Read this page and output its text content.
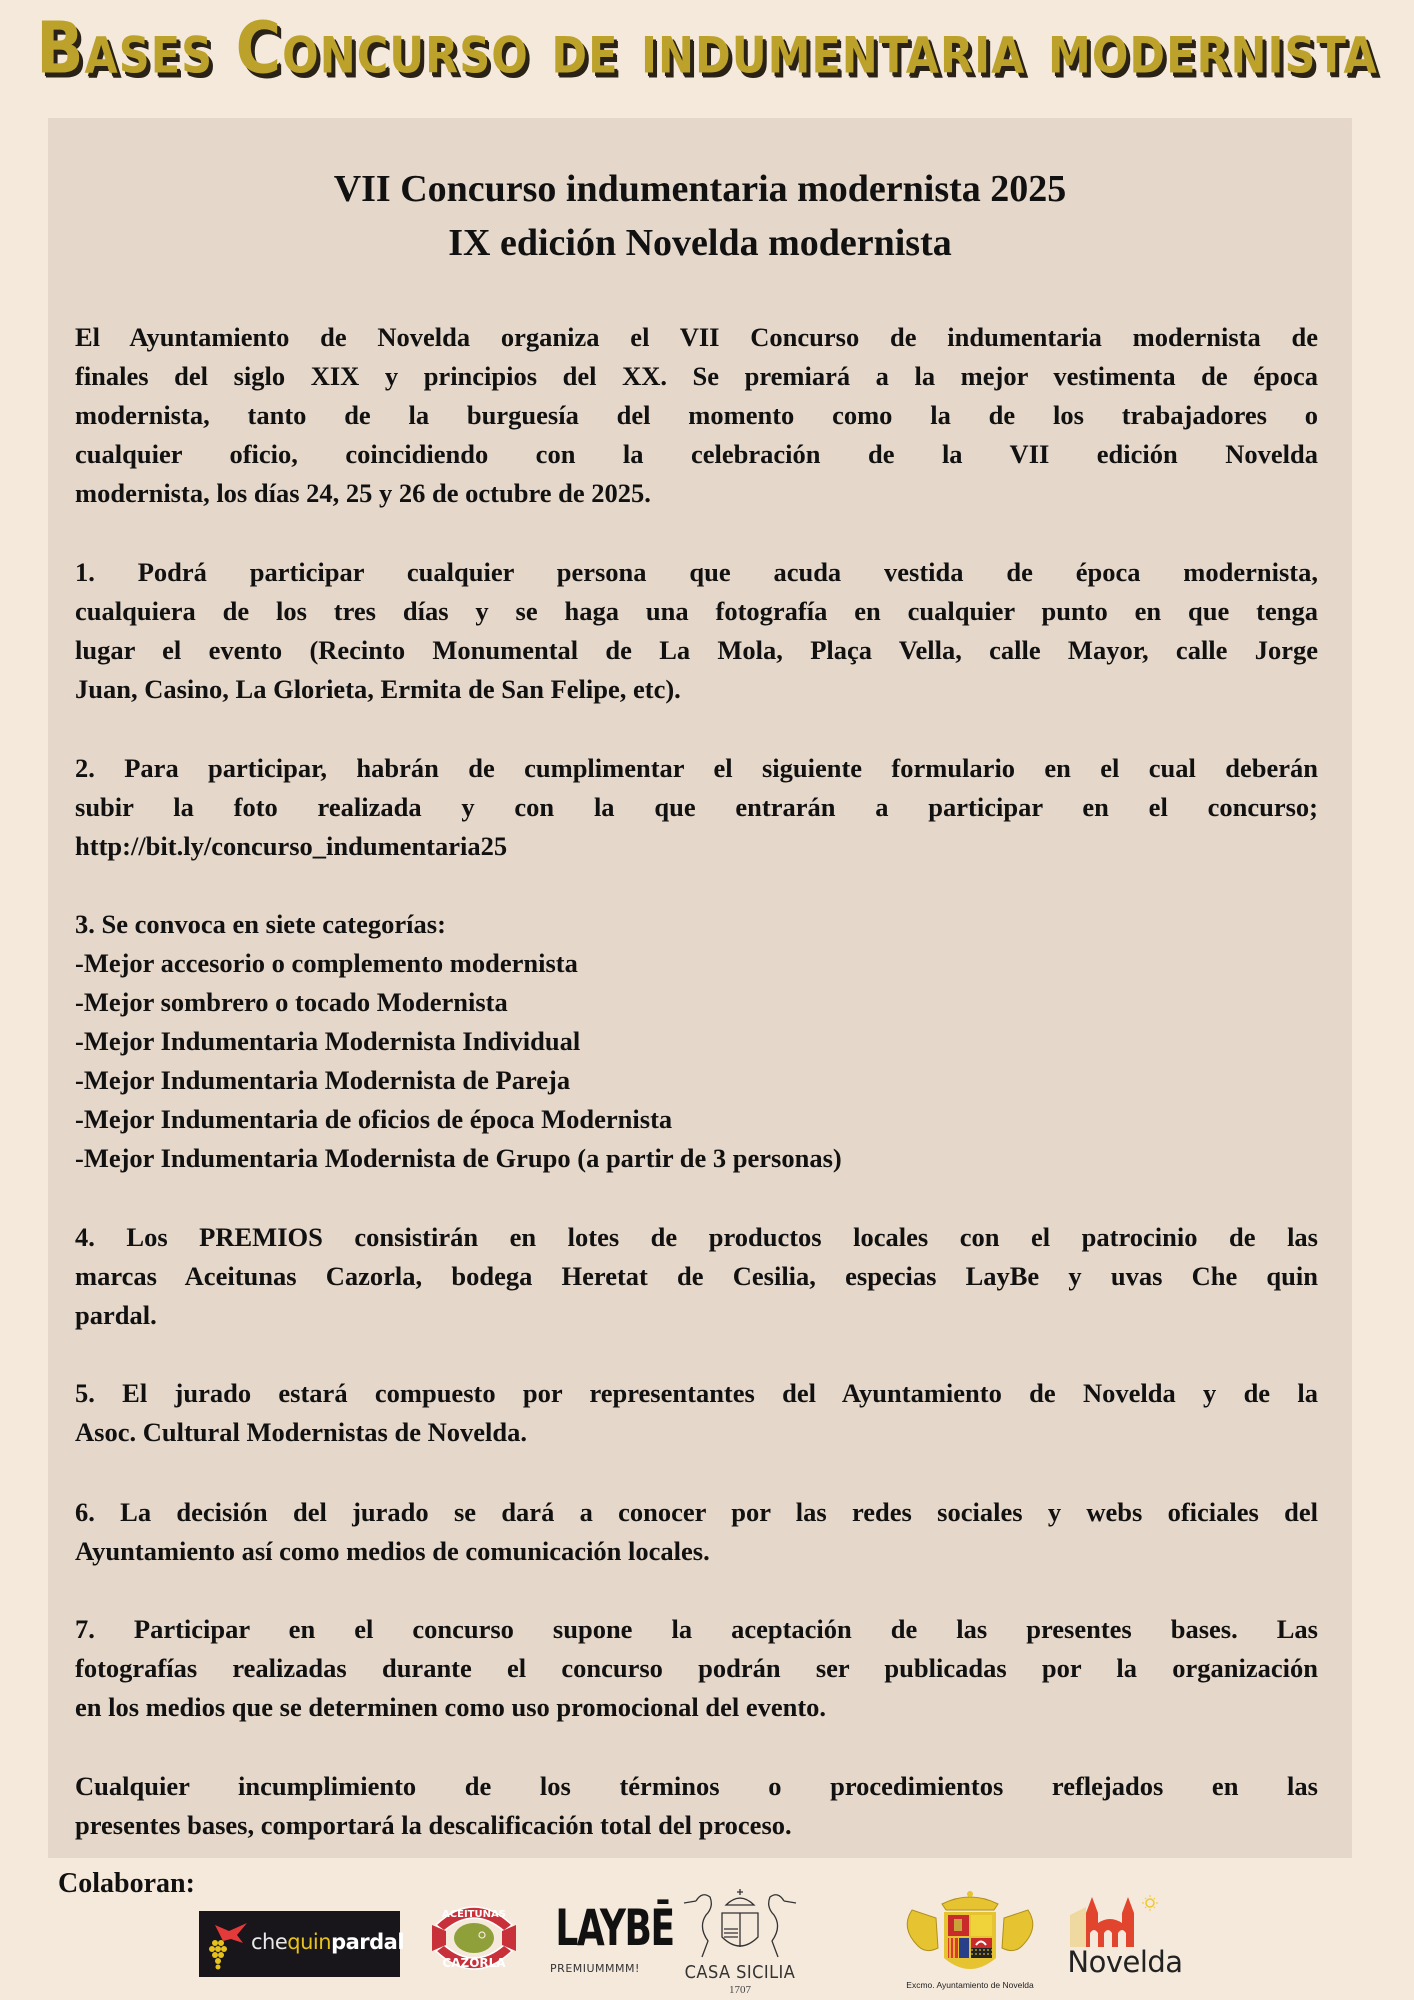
Bases Concurso de indumentaria modernista
VII Concurso indumentaria modernista 2025
IX edición Novelda modernista
El Ayuntamiento de Novelda organiza el VII Concurso de indumentaria modernista de
finales del siglo XIX y principios del XX. Se premiará a la mejor vestimenta de época
modernista, tanto de la burguesía del momento como la de los trabajadores o
cualquier oficio, coincidiendo con la celebración de la VII edición Novelda
modernista, los días 24, 25 y 26 de octubre de 2025.
1. Podrá participar cualquier persona que acuda vestida de época modernista,
cualquiera de los tres días y se haga una fotografía en cualquier punto en que tenga
lugar el evento (Recinto Monumental de La Mola, Plaça Vella, calle Mayor, calle Jorge
Juan, Casino, La Glorieta, Ermita de San Felipe, etc).
2. Para participar, habrán de cumplimentar el siguiente formulario en el cual deberán
subir la foto realizada y con la que entrarán a participar en el concurso;
http://bit.ly/concurso_indumentaria25
3. Se convoca en siete categorías:
-Mejor accesorio o complemento modernista
-Mejor sombrero o tocado Modernista
-Mejor Indumentaria Modernista Individual
-Mejor Indumentaria Modernista de Pareja
-Mejor Indumentaria de oficios de época Modernista
-Mejor Indumentaria Modernista de Grupo (a partir de 3 personas)
4. Los PREMIOS consistirán en lotes de productos locales con el patrocinio de las
marcas Aceitunas Cazorla, bodega Heretat de Cesilia, especias LayBe y uvas Che quin
pardal.
5. El jurado estará compuesto por representantes del Ayuntamiento de Novelda y de la
Asoc. Cultural Modernistas de Novelda.
6. La decisión del jurado se dará a conocer por las redes sociales y webs oficiales del
Ayuntamiento así como medios de comunicación locales.
7. Participar en el concurso supone la aceptación de las presentes bases. Las
fotografías realizadas durante el concurso podrán ser publicadas por la organización
en los medios que se determinen como uso promocional del evento.
Cualquier incumplimiento de los términos o procedimientos reflejados en las
presentes bases, comportará la descalificación total del proceso.
Colaboran:
chequinpardal
ACEITUNAS
CAZORLA
LAYBĒ
PREMIUMMMM!	CASA SICILIA
1707	Excmo. Ayuntamiento de Novelda
Novelda
